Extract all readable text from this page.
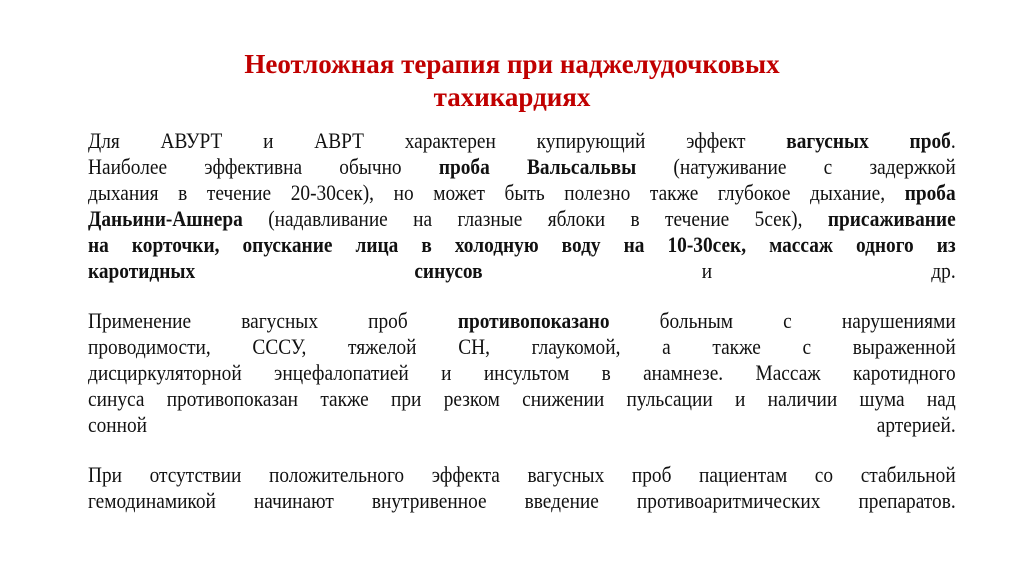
Неотложная терапия при наджелудочковых
тахикардиях
Для АВУРТ и АВРТ характерен купирующий эффект вагусных проб.
Наиболее эффективна обычно проба Вальсальвы (натуживание с задержкой
дыхания в течение 20-30сек), но может быть полезно также глубокое дыхание, проба
Даньини-Ашнера (надавливание на глазные яблоки в течение 5сек), присаживание
на корточки, опускание лица в холодную воду на 10-30сек, массаж одного из
каротидных синусов и др.
Применение вагусных проб противопоказано больным с нарушениями
проводимости, СССУ, тяжелой СН, глаукомой, а также с выраженной
дисциркуляторной энцефалопатией и инсультом в анамнезе. Массаж каротидного
синуса противопоказан также при резком снижении пульсации и наличии шума над
сонной артерией.
При отсутствии положительного эффекта вагусных проб пациентам со стабильной
гемодинамикой начинают внутривенное введение противоаритмических препаратов.
